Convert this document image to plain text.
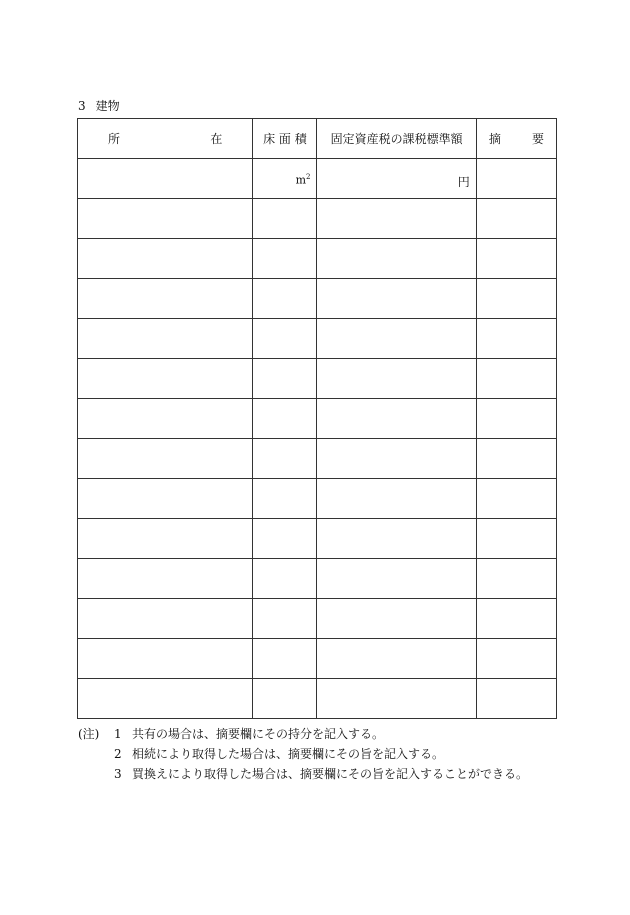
3 建物
所 在	床 面 積	固定資産税の課税標準額	摘 要

	$m^2$	円	

(注) 1 共有の場合は、摘要欄にその持分を記入する。
2 相続により取得した場合は、摘要欄にその旨を記入する。
3 買換えにより取得した場合は、摘要欄にその旨を記入することができる。
